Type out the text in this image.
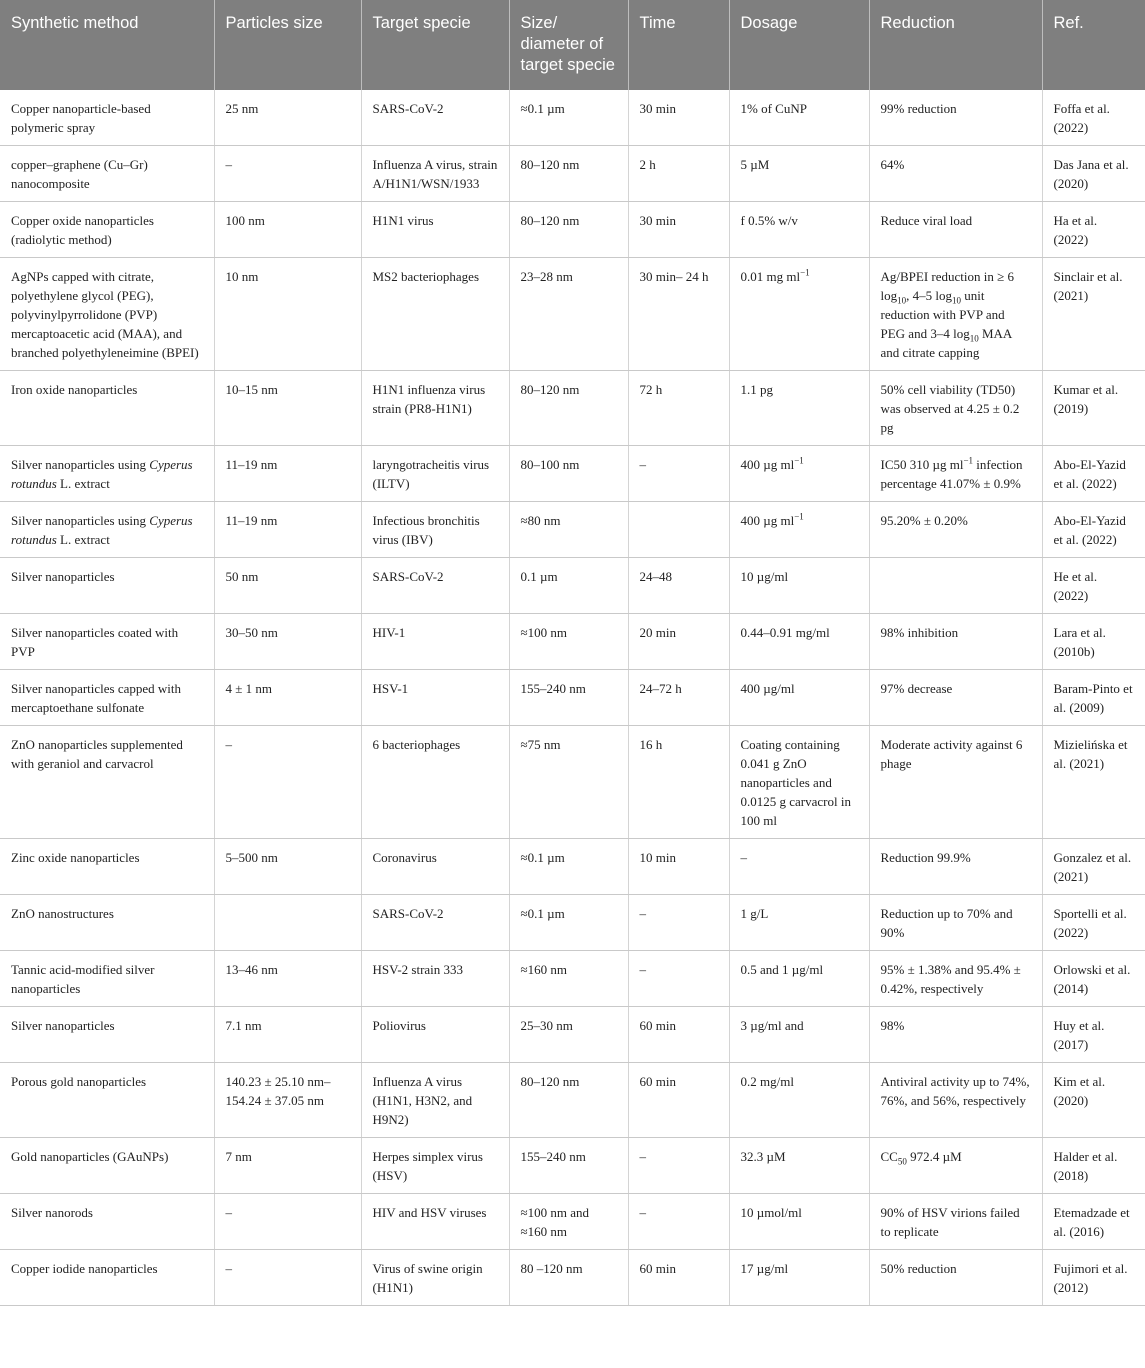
Synthetic method	Particles size	Target specie	Size/ diameter of target specie	Time	Dosage	Reduction	Ref.
Copper nanoparticle-based polymeric spray	25 nm	SARS-CoV-2	≈0.1 µm	30 min	1% of CuNP	99% reduction	Foffa et al. (2022)
copper–graphene (Cu–Gr) nanocomposite	–	Influenza A virus, strain A/H1N1/WSN/1933	80–120 nm	2 h	5 µM	64%	Das Jana et al. (2020)
Copper oxide nanoparticles (radiolytic method)	100 nm	H1N1 virus	80–120 nm	30 min	f 0.5% w/v	Reduce viral load	Ha et al. (2022)
AgNPs capped with citrate, polyethylene glycol (PEG), polyvinylpyrrolidone (PVP) mercaptoacetic acid (MAA), and branched polyethyleneimine (BPEI)	10 nm	MS2 bacteriophages	23–28 nm	30 min– 24 h	0.01 mg $ml^{-1}$	Ag/BPEI reduction in ≥ 6 $\log_{10}$, 4–5 $\log_{10}$ unit reduction with PVP and PEG and 3–4 $\log_{10}$ MAA and citrate capping	Sinclair et al. (2021)
Iron oxide nanoparticles	10–15 nm	H1N1 influenza virus strain (PR8-H1N1)	80–120 nm	72 h	1.1 pg	50% cell viability (TD50) was observed at 4.25 ± 0.2 pg	Kumar et al. (2019)
Silver nanoparticles using Cyperus rotundus L. extract	11–19 nm	laryngotracheitis virus (ILTV)	80–100 nm	–	400 µg $ml^{-1}$	IC50 310 µg $ml^{-1}$ infection percentage 41.07% ± 0.9%	Abo-El-Yazid et al. (2022)
Silver nanoparticles using Cyperus rotundus L. extract	11–19 nm	Infectious bronchitis virus (IBV)	≈80 nm		400 µg $ml^{-1}$	95.20% ± 0.20%	Abo-El-Yazid et al. (2022)
Silver nanoparticles	50 nm	SARS-CoV-2	0.1 µm	24–48	10 µg/ml		He et al. (2022)
Silver nanoparticles coated with PVP	30–50 nm	HIV-1	≈100 nm	20 min	0.44–0.91 mg/ml	98% inhibition	Lara et al. (2010b)
Silver nanoparticles capped with mercaptoethane sulfonate	4 ± 1 nm	HSV-1	155–240 nm	24–72 h	400 µg/ml	97% decrease	Baram-Pinto et al. (2009)
ZnO nanoparticles supplemented with geraniol and carvacrol	–	6 bacteriophages	≈75 nm	16 h	Coating containing 0.041 g ZnO nanoparticles and 0.0125 g carvacrol in 100 ml	Moderate activity against 6 phage	Mizielińska et al. (2021)
Zinc oxide nanoparticles	5–500 nm	Coronavirus	≈0.1 µm	10 min	–	Reduction 99.9%	Gonzalez et al. (2021)
ZnO nanostructures		SARS-CoV-2	≈0.1 µm	–	1 g/L	Reduction up to 70% and 90%	Sportelli et al. (2022)
Tannic acid-modified silver nanoparticles	13–46 nm	HSV-2 strain 333	≈160 nm	–	0.5 and 1 µg/ml	95% ± 1.38% and 95.4% ± 0.42%, respectively	Orlowski et al. (2014)
Silver nanoparticles	7.1 nm	Poliovirus	25–30 nm	60 min	3 µg/ml and	98%	Huy et al. (2017)
Porous gold nanoparticles	140.23 ± 25.10 nm–154.24 ± 37.05 nm	Influenza A virus (H1N1, H3N2, and H9N2)	80–120 nm	60 min	0.2 mg/ml	Antiviral activity up to 74%, 76%, and 56%, respectively	Kim et al. (2020)
Gold nanoparticles (GAuNPs)	7 nm	Herpes simplex virus (HSV)	155–240 nm	–	32.3 µM	$CC_{50}$ 972.4 µM	Halder et al. (2018)
Silver nanorods	–	HIV and HSV viruses	≈100 nm and ≈160 nm	–	10 µmol/ml	90% of HSV virions failed to replicate	Etemadzade et al. (2016)
Copper iodide nanoparticles	–	Virus of swine origin (H1N1)	80 –120 nm	60 min	17 µg/ml	50% reduction	Fujimori et al. (2012)
